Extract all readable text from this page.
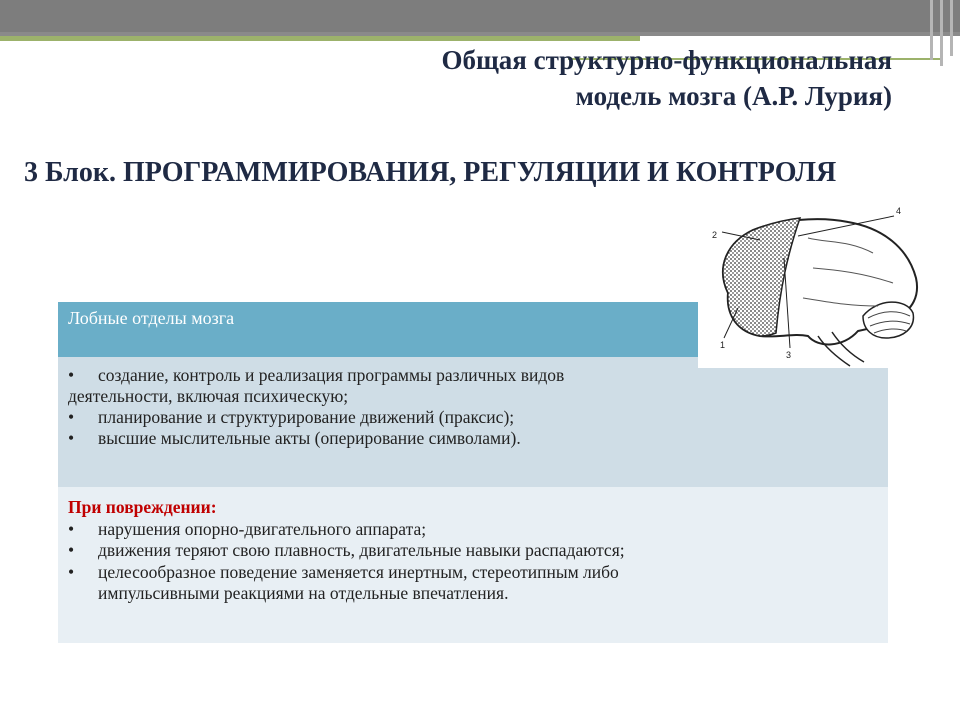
Общая структурно-функциональная
модель мозга (А.Р. Лурия)
3 Блок. ПРОГРАММИРОВАНИЯ, РЕГУЛЯЦИИ И КОНТРОЛЯ
Лобные отделы мозга
•	создание, контроль и реализация программы различных видов
деятельности, включая психическую;
•	планирование и структурирование движений (праксис);
•	высшие мыслительные акты (оперирование символами).
При повреждении:
•	нарушения опорно-двигательного аппарата;
•	движения теряют свою плавность, двигательные навыки распадаются;
•	целесообразное поведение заменяется инертным, стереотипным либо
импульсивными реакциями на отдельные впечатления.
2
4
3
1
